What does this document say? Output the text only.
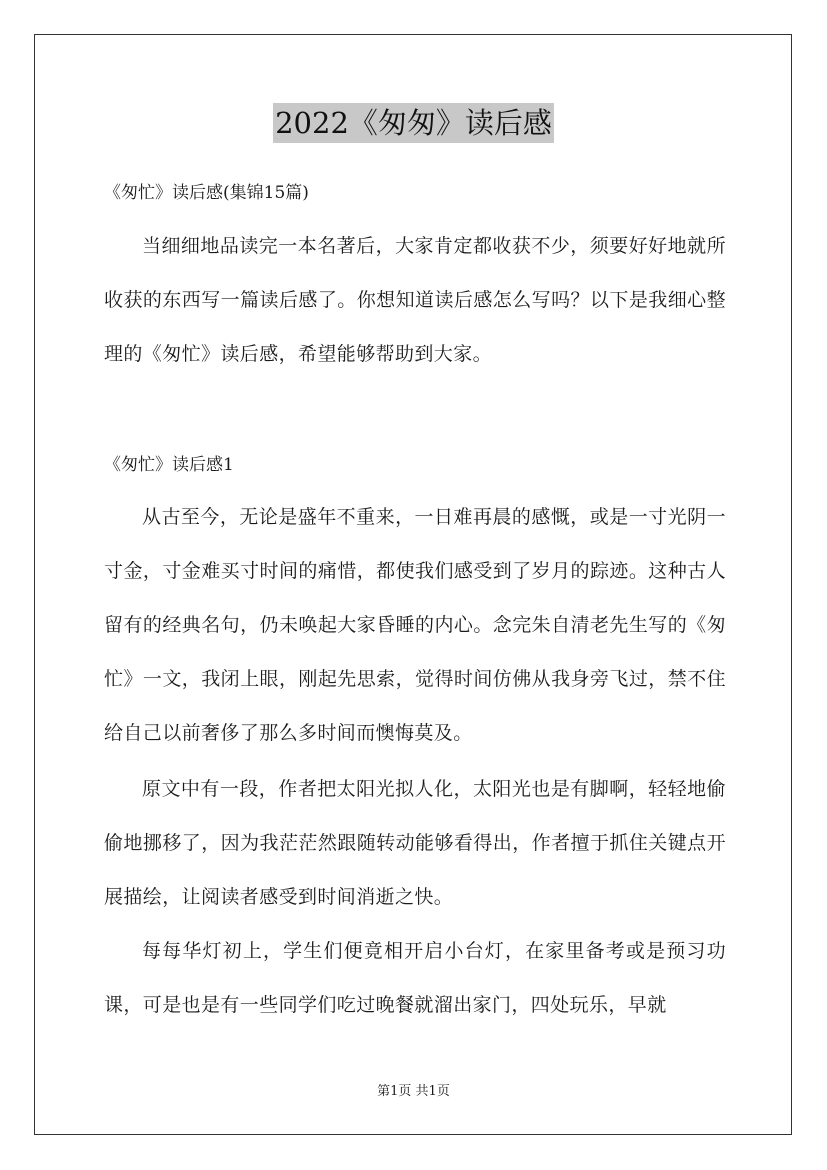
2022《匆匆》读后感

《匆忙》读后感(集锦15篇)

当细细地品读完一本名著后，大家肯定都收获不少，须要好好地就所收获的东西写一篇读后感了。你想知道读后感怎么写吗？以下是我细心整理的《匆忙》读后感，希望能够帮助到大家。

《匆忙》读后感1

从古至今，无论是盛年不重来，一日难再晨的感慨，或是一寸光阴一寸金，寸金难买寸时间的痛惜，都使我们感受到了岁月的踪迹。这种古人留有的经典名句，仍未唤起大家昏睡的内心。念完朱自清老先生写的《匆忙》一文，我闭上眼，刚起先思索，觉得时间仿佛从我身旁飞过，禁不住给自己以前奢侈了那么多时间而懊悔莫及。

原文中有一段，作者把太阳光拟人化，太阳光也是有脚啊，轻轻地偷偷地挪移了，因为我茫茫然跟随转动能够看得出，作者擅于抓住关键点开展描绘，让阅读者感受到时间消逝之快。

每每华灯初上，学生们便竟相开启小台灯，在家里备考或是预习功课，可是也是有一些同学们吃过晚餐就溜出家门，四处玩乐，早就

第1页 共1页
